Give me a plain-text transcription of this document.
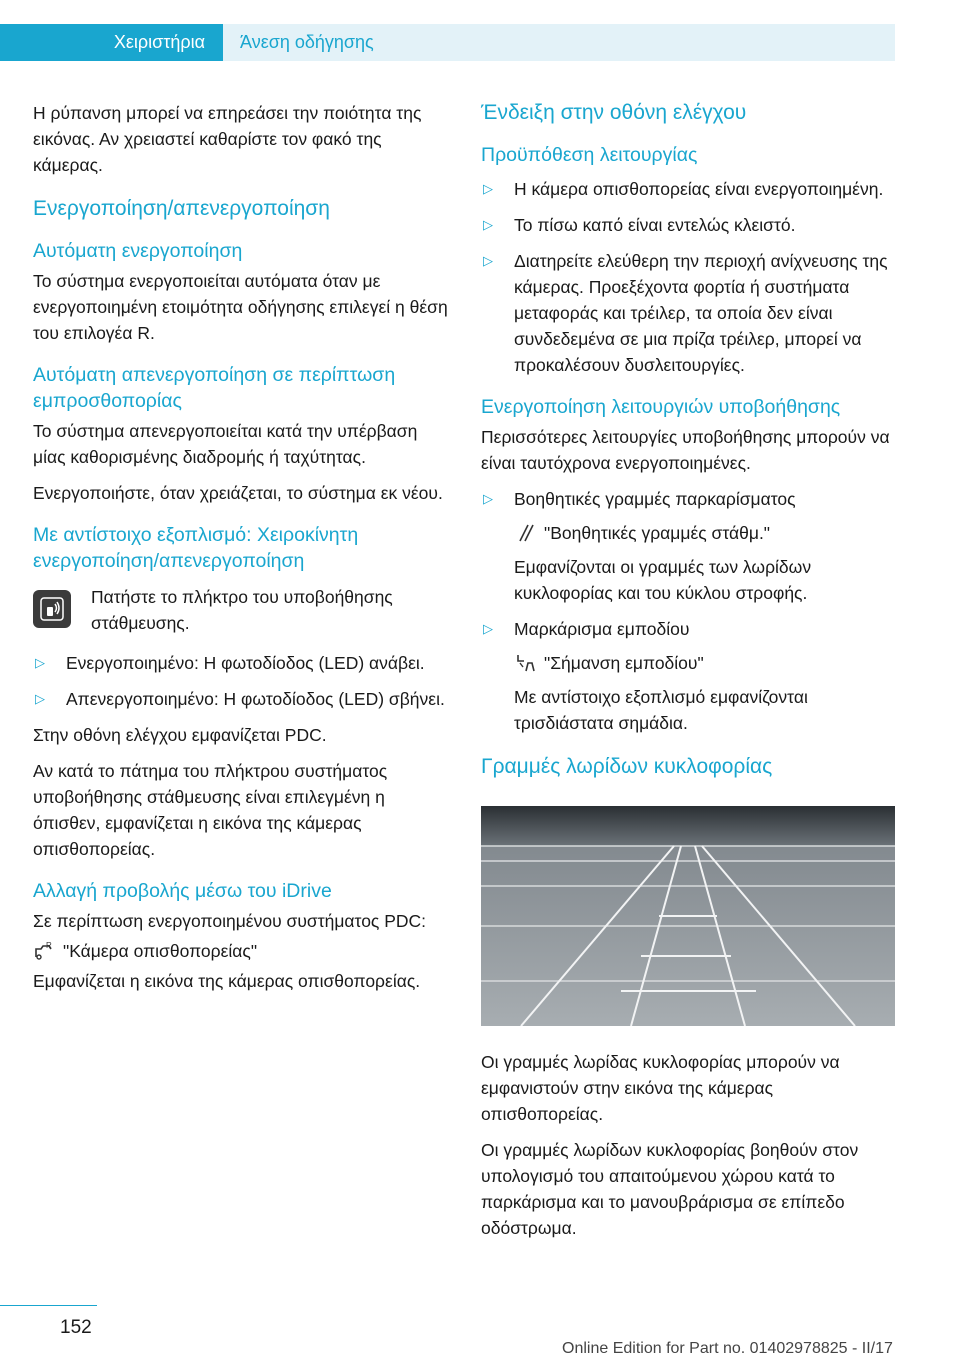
Χειριστήρια	Άνεση οδήγησης

Η ρύπανση μπορεί να επηρεάσει την ποιότητα της εικόνας. Αν χρειαστεί καθαρίστε τον φακό της κάμερας.

Ενεργοποίηση/απενεργοποίηση
Αυτόματη ενεργοποίηση

Το σύστημα ενεργοποιείται αυτόματα όταν με ενεργοποιημένη ετοιμότητα οδήγησης επιλεγεί η θέση του επιλογέα R.

Αυτόματη απενεργοποίηση σε περίπτωση εμπροσθοπορίας

Το σύστημα απενεργοποιείται κατά την υπέρβαση μίας καθορισμένης διαδρομής ή ταχύτητας.

Ενεργοποιήστε, όταν χρειάζεται, το σύστημα εκ νέου.

Με αντίστοιχο εξοπλισμό: Χειροκίνητη ενεργοποίηση/απενεργοποίηση
Πατήστε το πλήκτρο του υποβοήθησης στάθμευσης.
▷ Ενεργοποιημένο: Η φωτοδίοδος (LED) ανάβει.
▷ Απενεργοποιημένο: Η φωτοδίοδος (LED) σβήνει.

Στην οθόνη ελέγχου εμφανίζεται PDC.

Αν κατά το πάτημα του πλήκτρου συστήματος υποβοήθησης στάθμευσης είναι επιλεγμένη η όπισθεν, εμφανίζεται η εικόνα της κάμερας οπισθοπορείας.

Αλλαγή προβολής μέσω του iDrive

Σε περίπτωση ενεργοποιημένου συστήματος PDC:

R "Κάμερα οπισθοπορείας"

Εμφανίζεται η εικόνα της κάμερας οπισθοπορείας.

Ένδειξη στην οθόνη ελέγχου
Προϋπόθεση λειτουργίας
▷ Η κάμερα οπισθοπορείας είναι ενεργοποιημένη.
▷ Το πίσω καπό είναι εντελώς κλειστό.
▷ Διατηρείτε ελεύθερη την περιοχή ανίχνευσης της κάμερας. Προεξέχοντα φορτία ή συστήματα μεταφοράς και τρέιλερ, τα οποία δεν είναι συνδεδεμένα σε μια πρίζα τρέιλερ, μπορεί να προκαλέσουν δυσλειτουργίες.
Ενεργοποίηση λειτουργιών υποβοήθησης

Περισσότερες λειτουργίες υποβοήθησης μπορούν να είναι ταυτόχρονα ενεργοποιημένες.

▷ Βοηθητικές γραμμές παρκαρίσματος
"Βοηθητικές γραμμές στάθμ."
Εμφανίζονται οι γραμμές των λωρίδων κυκλοφορίας και του κύκλου στροφής.
▷ Μαρκάρισμα εμποδίου
"Σήμανση εμποδίου"
Με αντίστοιχο εξοπλισμό εμφανίζονται τρισδιάστατα σημάδια.
Γραμμές λωρίδων κυκλοφορίας

Οι γραμμές λωρίδας κυκλοφορίας μπορούν να εμφανιστούν στην εικόνα της κάμερας οπισθοπορείας.

Οι γραμμές λωρίδων κυκλοφορίας βοηθούν στον υπολογισμό του απαιτούμενου χώρου κατά το παρκάρισμα και το μανουβράρισμα σε επίπεδο οδόστρωμα.

152
Online Edition for Part no. 01402978825 - II/17
